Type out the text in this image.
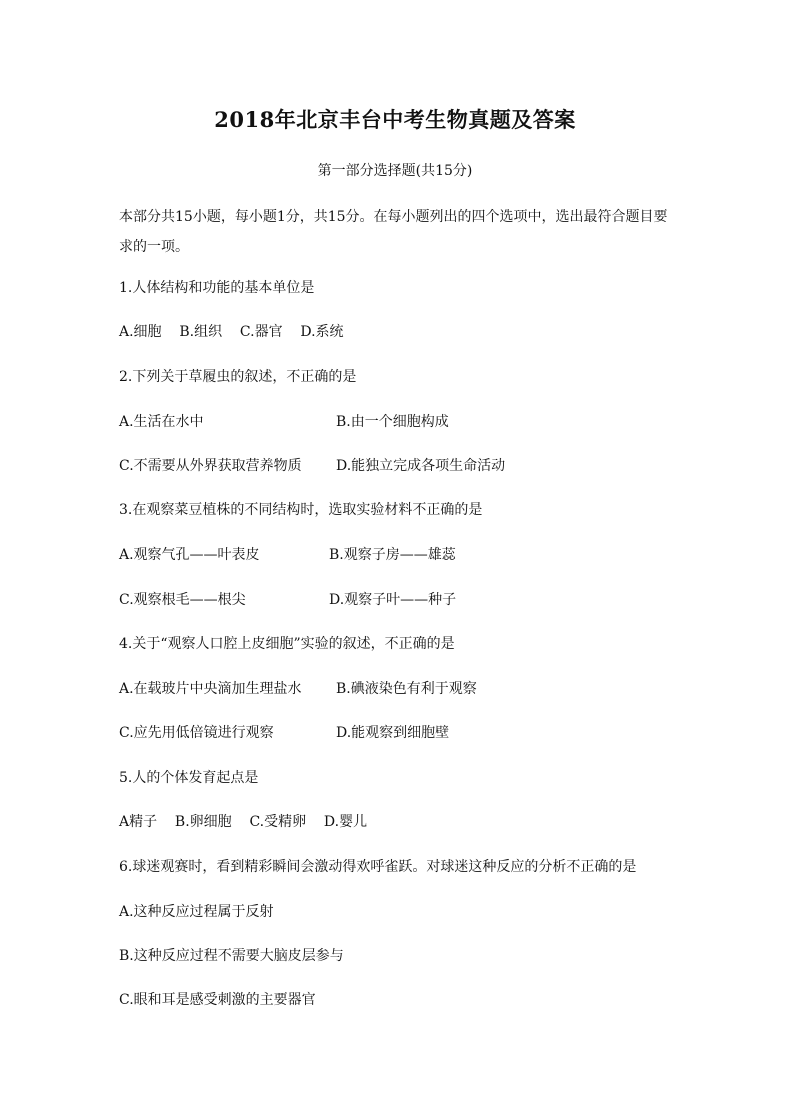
2018年北京丰台中考生物真题及答案
第一部分选择题(共15分)
本部分共15小题，每小题1分，共15分。在每小题列出的四个选项中，选出最符合题目要求的一项。
1.人体结构和功能的基本单位是
A.细胞    B.组织    C.器官    D.系统
2.下列关于草履虫的叙述，不正确的是
A.生活在水中	B.由一个细胞构成
C.不需要从外界获取营养物质 D.能独立完成各项生命活动
3.在观察菜豆植株的不同结构时，选取实验材料不正确的是
A.观察气孔——叶表皮	B.观察子房——雄蕊
C.观察根毛——根尖	D.观察子叶——种子
4.关于“观察人口腔上皮细胞”实验的叙述，不正确的是
A.在载玻片中央滴加生理盐水 B.碘液染色有利于观察
C.应先用低倍镜进行观察	D.能观察到细胞壁
5.人的个体发育起点是
A精子    B.卵细胞    C.受精卵    D.婴儿
6.球迷观赛时，看到精彩瞬间会激动得欢呼雀跃。对球迷这种反应的分析不正确的是
A.这种反应过程属于反射
B.这种反应过程不需要大脑皮层参与
C.眼和耳是感受刺激的主要器官
